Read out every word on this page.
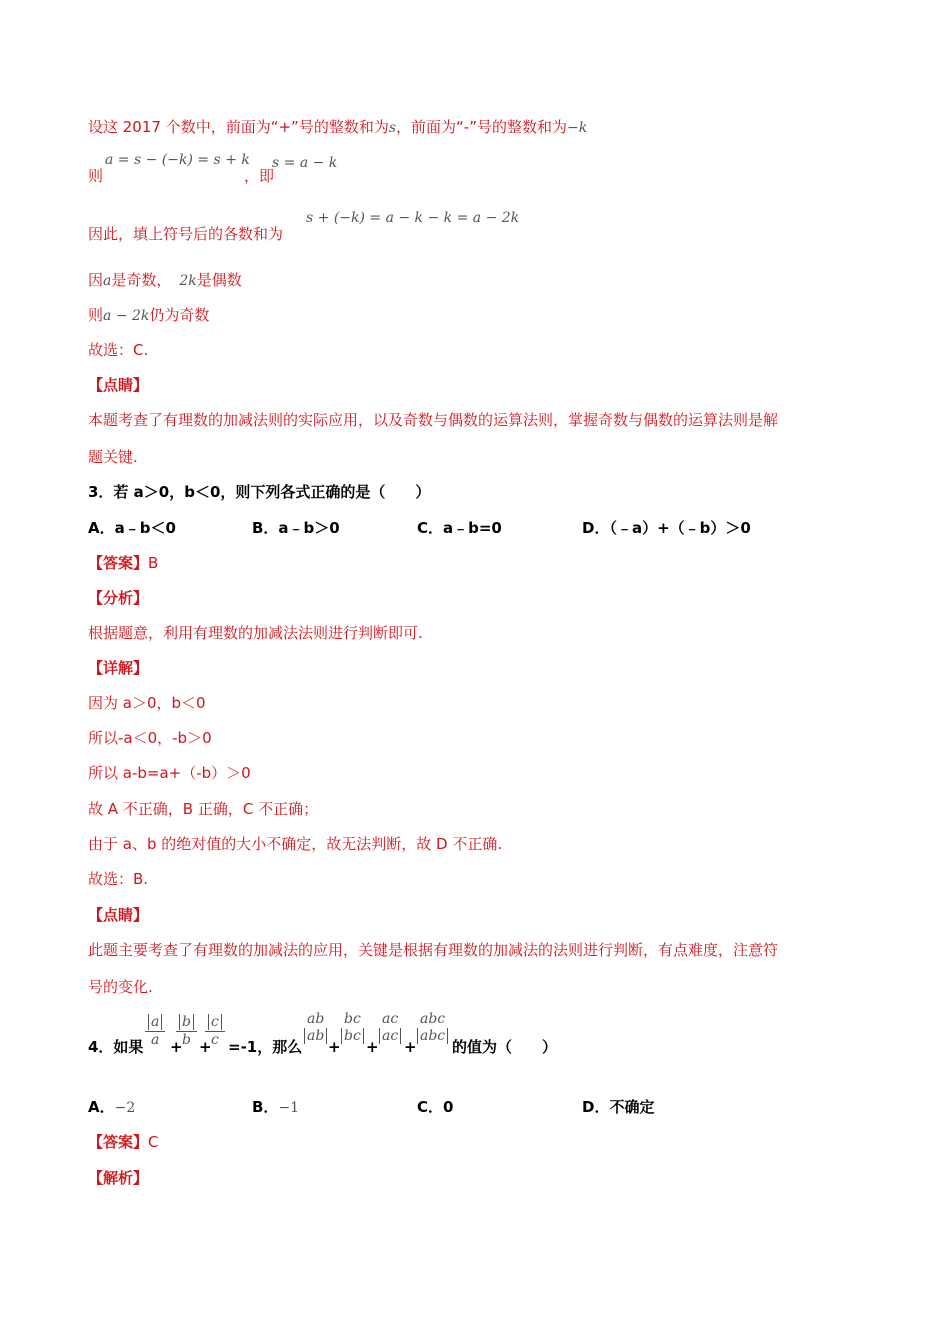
设这 2017 个数中，前面为“+”号的整数和为s，前面为“-”号的整数和为−k
a = s − (−k) = s + k
则	，即
s = a − k
s + (−k) = a − k − k = a − 2k
因此，填上符号后的各数和为
因a是奇数， 2k是偶数
则a − 2k仍为奇数
故选：C.
【点睛】
本题考查了有理数的加减法则的实际应用，以及奇数与偶数的运算法则，掌握奇数与偶数的运算法则是解
题关键.
3．若 a＞0，b＜0，则下列各式正确的是（　　）
A．a﹣b＜0	B．a﹣b＞0	C．a﹣b=0	D．（﹣a）+（﹣b）＞0
【答案】B
【分析】
根据题意，利用有理数的加减法法则进行判断即可.
【详解】
因为 a＞0，b＜0
所以-a＜0，-b＞0
所以 a-b=a+（-b）＞0
故 A 不正确，B 正确，C 不正确；
由于 a、b 的绝对值的大小不确定，故无法判断，故 D 不正确.
故选：B.
【点睛】
此题主要考查了有理数的加减法的应用，关键是根据有理数的加减法的法则进行判断，有点难度，注意符
号的变化.
4．如果 $\frac{a}{a}$ +
$\frac{b}{b}$ +
$\frac{c}{c} =-1$，那么
ab
ab
+
bc
bc
+
ac
ac
+
abc
abc
的值为（　　）
A．−2	B．−1	C．0	D．不确定
【答案】C
【解析】
